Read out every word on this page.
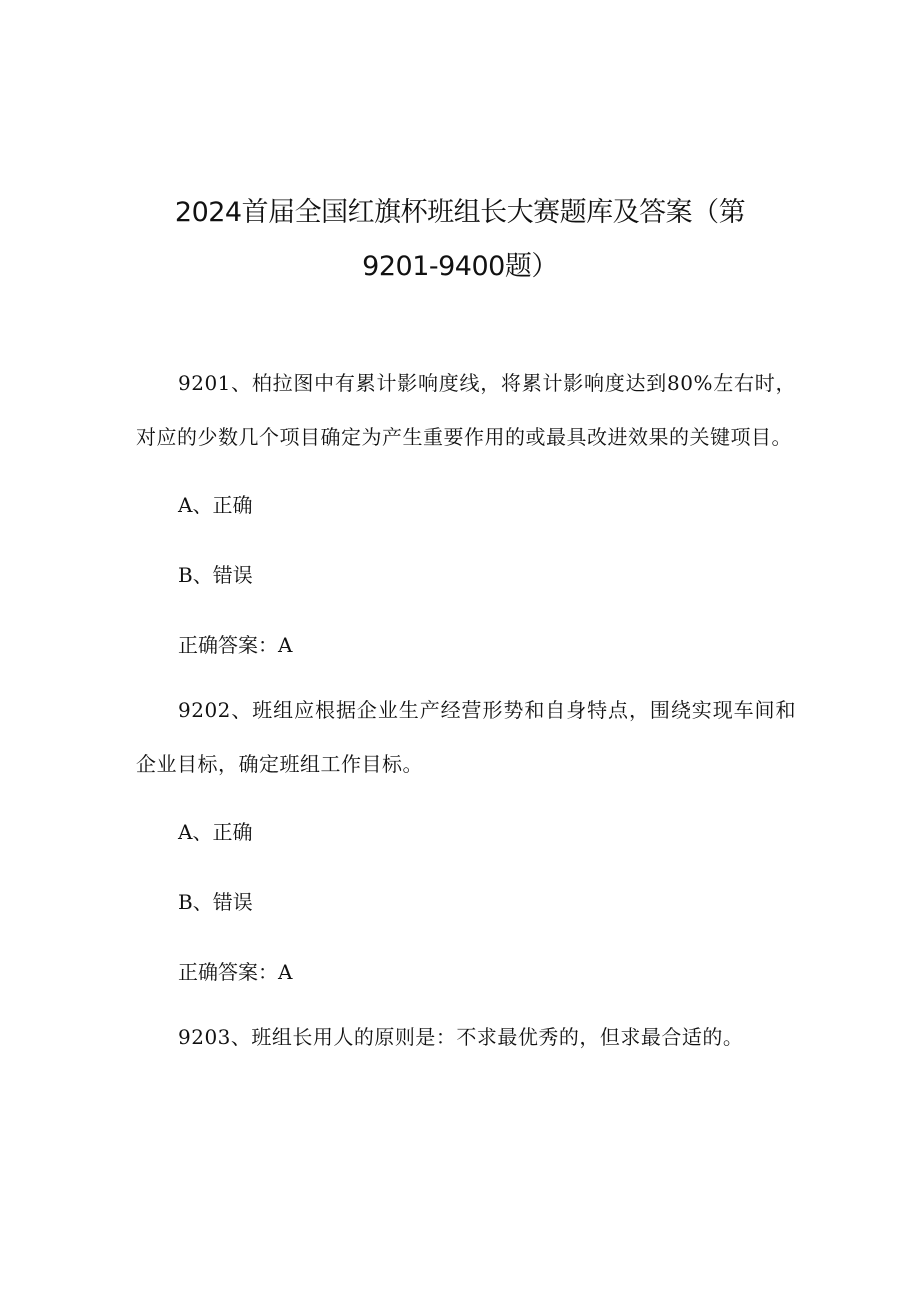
2024首届全国红旗杯班组长大赛题库及答案（第
9201-9400题）

9201、柏拉图中有累计影响度线，将累计影响度达到80%左右时，对应的少数几个项目确定为产生重要作用的或最具改进效果的关键项目。

A、正确

B、错误

正确答案：A

9202、班组应根据企业生产经营形势和自身特点，围绕实现车间和企业目标，确定班组工作目标。

A、正确

B、错误

正确答案：A

9203、班组长用人的原则是：不求最优秀的，但求最合适的。
